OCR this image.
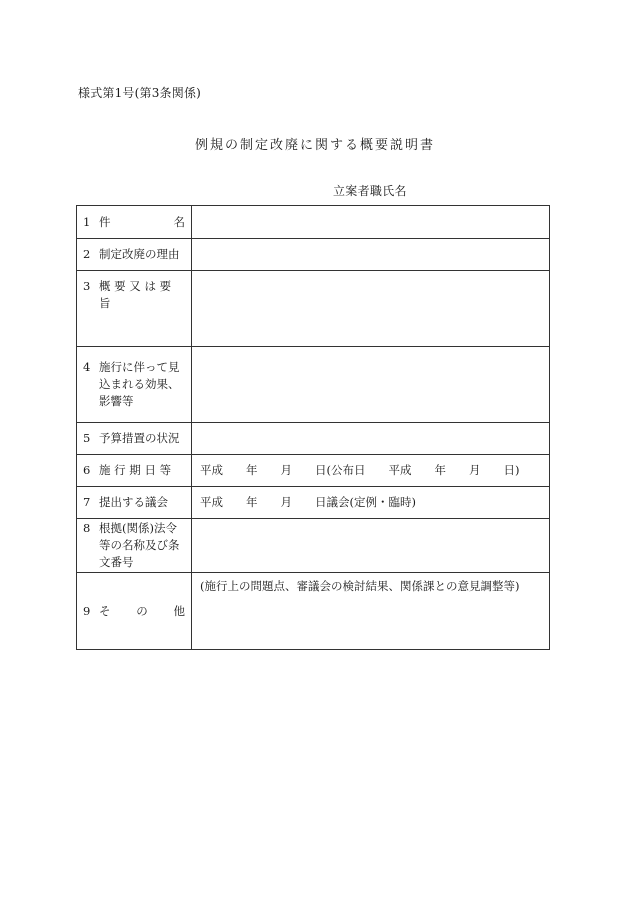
様式第1号(第3条関係)
例規の制定改廃に関する概要説明書
立案者職氏名
1 件 名	

2 制定改廃の理由	

3 概 要 又 は 要 旨	

4 施行に伴って見
込まれる効果、
影響等	

5 予算措置の状況	

6 施 行 期 日 等	平成　　年　　月　　日(公布日　　平成　　年　　月　　日)

7 提出する議会	平成　　年　　月　　日議会(定例・臨時)

8 根拠(関係)法令
等の名称及び条
文番号	

9 そ の 他	(施行上の問題点、審議会の検討結果、関係課との意見調整等)
